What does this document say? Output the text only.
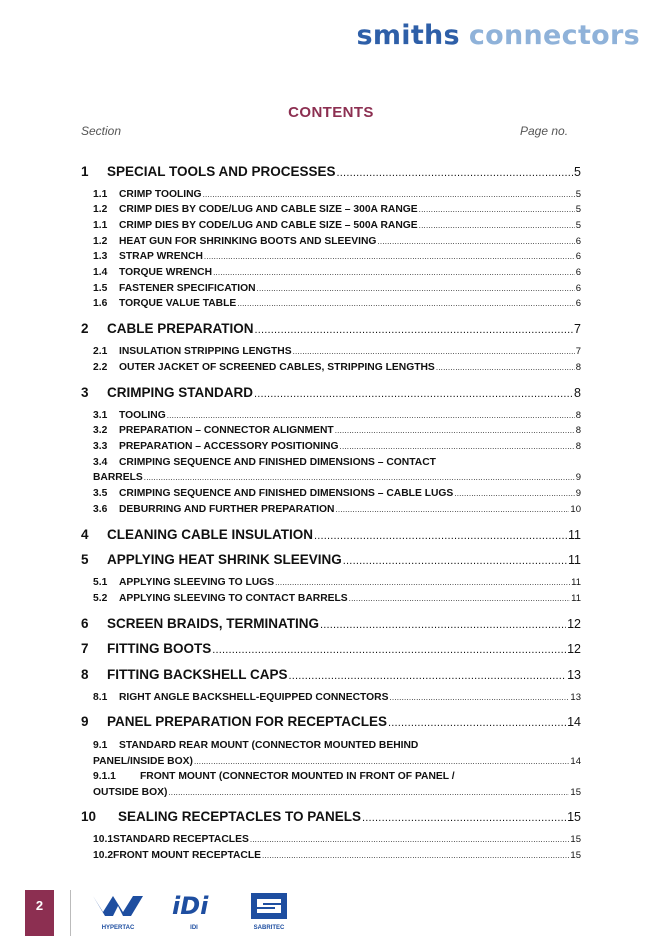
smiths connectors
CONTENTS
Section	Page no.
1 SPECIAL TOOLS AND PROCESSES .....	5
1.1 CRIMP TOOLING .....	5
1.2 CRIMP DIES BY CODE/LUG AND CABLE SIZE – 300A RANGE .....	5
1.1 CRIMP DIES BY CODE/LUG AND CABLE SIZE – 500A RANGE .....	5
1.2 HEAT GUN FOR SHRINKING BOOTS AND SLEEVING .....	6
1.3 STRAP WRENCH .....	6
1.4 TORQUE WRENCH .....	6
1.5 FASTENER SPECIFICATION .....	6
1.6 TORQUE VALUE TABLE .....	6
2 CABLE PREPARATION .....	7
2.1 INSULATION STRIPPING LENGTHS .....	7
2.2 OUTER JACKET OF SCREENED CABLES, STRIPPING LENGTHS .....	8
3 CRIMPING STANDARD .....	8
3.1 TOOLING .....	8
3.2 PREPARATION – CONNECTOR ALIGNMENT .....	8
3.3 PREPARATION – ACCESSORY POSITIONING .....	8
3.4 CRIMPING SEQUENCE AND FINISHED DIMENSIONS – CONTACT
BARRELS .....	9
3.5 CRIMPING SEQUENCE AND FINISHED DIMENSIONS – CABLE LUGS .....	9
3.6 DEBURRING AND FURTHER PREPARATION .....	10
4 CLEANING CABLE INSULATION .....	11
5 APPLYING HEAT SHRINK SLEEVING .....	11
5.1 APPLYING SLEEVING TO LUGS .....	11
5.2 APPLYING SLEEVING TO CONTACT BARRELS .....	11
6 SCREEN BRAIDS, TERMINATING .....	12
7 FITTING BOOTS .....	12
8 FITTING BACKSHELL CAPS .....	13
8.1 RIGHT ANGLE BACKSHELL-EQUIPPED CONNECTORS .....	13
9 PANEL PREPARATION FOR RECEPTACLES .....	14
9.1 STANDARD REAR MOUNT (CONNECTOR MOUNTED BEHIND
PANEL/INSIDE BOX) .....	14
9.1.1 FRONT MOUNT (CONNECTOR MOUNTED IN FRONT OF PANEL /
OUTSIDE BOX) .....	15
10 SEALING RECEPTACLES TO PANELS .....	15
10.1STANDARD RECEPTACLES .....	15
10.2FRONT MOUNT RECEPTACLE .....	15
2
HYPERTAC
iDi
IDI	SABRITEC
